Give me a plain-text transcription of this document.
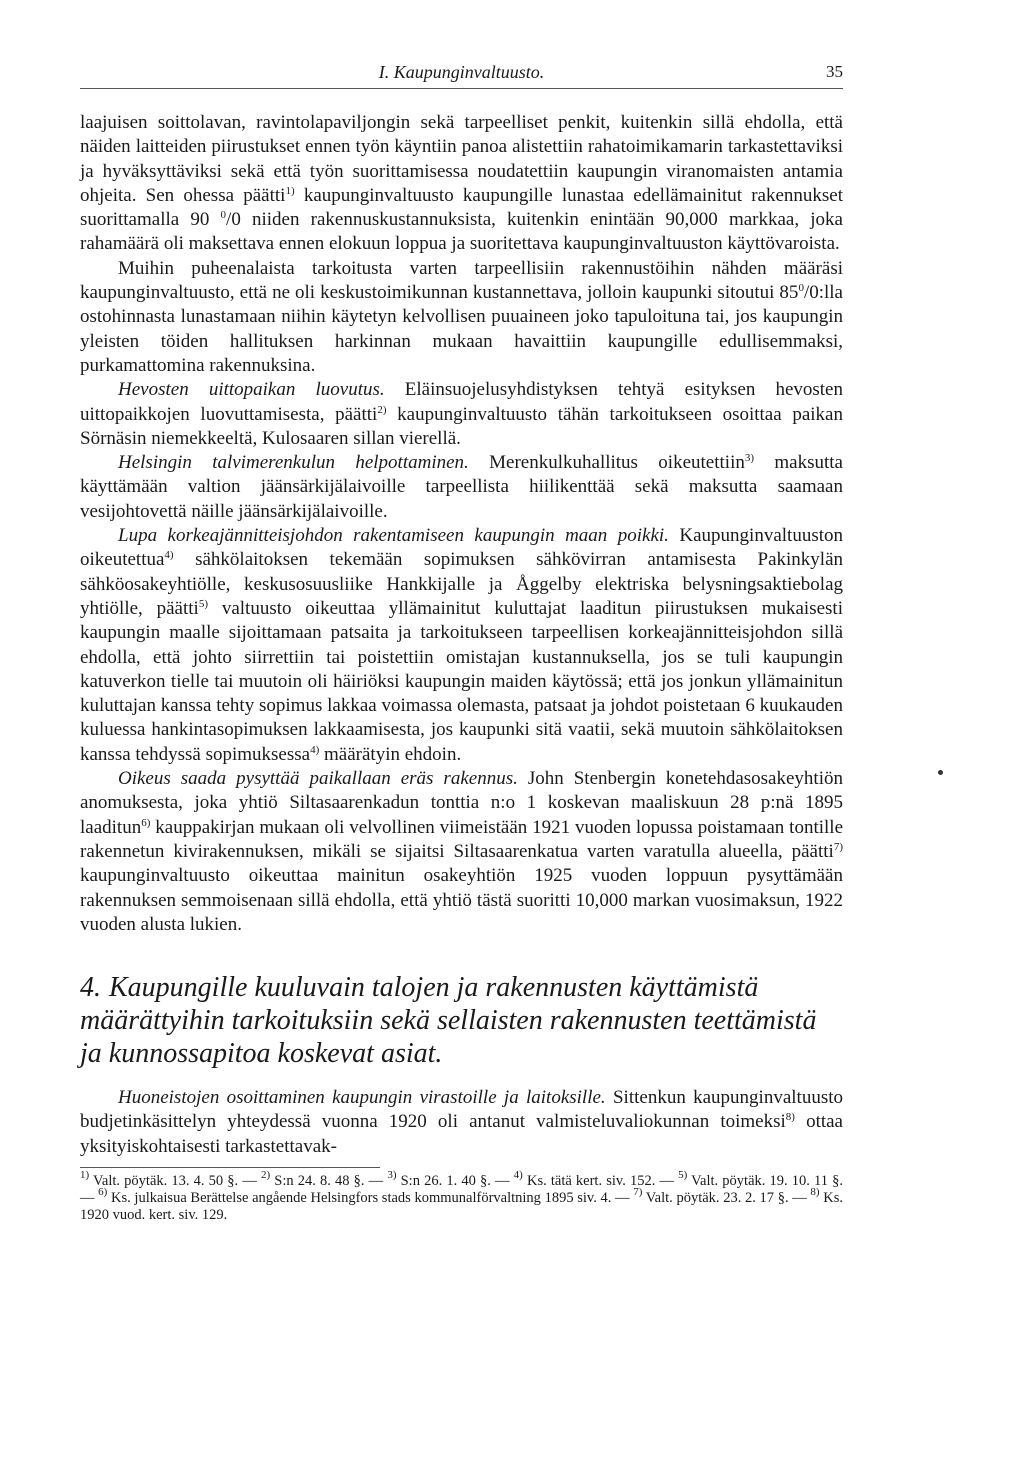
I. Kaupunginvaltuusto.	35

laajuisen soittolavan, ravintolapaviljongin sekä tarpeelliset penkit, kuitenkin sillä ehdolla, että näiden laitteiden piirustukset ennen työn käyntiin panoa alistettiin rahatoimikamarin tarkastettaviksi ja hyväksyttäviksi sekä että työn suorittamisessa noudatettiin kaupungin viranomaisten antamia ohjeita. Sen ohessa päätti$^{1)}$ kaupunginvaltuusto kaupungille lunastaa edellämainitut rakennukset suorittamalla 90 $^0$/0 niiden rakennuskustannuksista, kuitenkin enintään 90,000 markkaa, joka rahamäärä oli maksettava ennen elokuun loppua ja suoritettava kaupunginvaltuuston käyttövaroista.

Muihin puheenalaista tarkoitusta varten tarpeellisiin rakennustöihin nähden määräsi kaupunginvaltuusto, että ne oli keskustoimikunnan kustannettava, jolloin kaupunki sitoutui $85^0/0:lla$ ostohinnasta lunastamaan niihin käytetyn kelvollisen puuaineen joko tapuloituna tai, jos kaupungin yleisten töiden hallituksen harkinnan mukaan havaittiin kaupungille edullisemmaksi, purkamattomina rakennuksina.

Hevosten uittopaikan luovutus. Eläinsuojelusyhdistyksen tehtyä esityksen hevosten uittopaikkojen luovuttamisesta, päätti$^{2)}$ kaupunginvaltuusto tähän tarkoitukseen osoittaa paikan Sörnäsin niemekkeeltä, Kulosaaren sillan vierellä.

Helsingin talvimerenkulun helpottaminen. Merenkulkuhallitus oikeutettiin$^{3)}$ maksutta käyttämään valtion jäänsärkijälaivoille tarpeellista hiilikenttää sekä maksutta saamaan vesijohtovettä näille jäänsärkijälaivoille.

Lupa korkeajännitteisjohdon rakentamiseen kaupungin maan poikki. Kaupunginvaltuuston oikeutettua$^{4)}$ sähkölaitoksen tekemään sopimuksen sähkövirran antamisesta Pakinkylän sähköosakeyhtiölle, keskusosuusliike Hankkijalle ja Åggelby elektriska belysningsaktiebolag yhtiölle, päätti$^{5)}$ valtuusto oikeuttaa yllämainitut kuluttajat laaditun piirustuksen mukaisesti kaupungin maalle sijoittamaan patsaita ja tarkoitukseen tarpeellisen korkeajännitteisjohdon sillä ehdolla, että johto siirrettiin tai poistettiin omistajan kustannuksella, jos se tuli kaupungin katuverkon tielle tai muutoin oli häiriöksi kaupungin maiden käytössä; että jos jonkun yllämainitun kuluttajan kanssa tehty sopimus lakkaa voimassa olemasta, patsaat ja johdot poistetaan 6 kuukauden kuluessa hankintasopimuksen lakkaamisesta, jos kaupunki sitä vaatii, sekä muutoin sähkölaitoksen kanssa tehdyssä sopimuksessa$^{4)}$ määrätyin ehdoin.

Oikeus saada pysyttää paikallaan eräs rakennus. John Stenbergin konetehdasosakeyhtiön anomuksesta, joka yhtiö Siltasaarenkadun tonttia n:o 1 koskevan maaliskuun 28 p:nä 1895 laaditun$^{6)}$ kauppakirjan mukaan oli velvollinen viimeistään 1921 vuoden lopussa poistamaan tontille rakennetun kivirakennuksen, mikäli se sijaitsi Siltasaarenkatua varten varatulla alueella, päätti$^{7)}$ kaupunginvaltuusto oikeuttaa mainitun osakeyhtiön 1925 vuoden loppuun pysyttämään rakennuksen semmoisenaan sillä ehdolla, että yhtiö tästä suoritti 10,000 markan vuosimaksun, 1922 vuoden alusta lukien.

4. Kaupungille kuuluvain talojen ja rakennusten käyttämistä määrättyihin tarkoituksiin sekä sellaisten rakennusten teettämistä ja kunnossapitoa koskevat asiat.

Huoneistojen osoittaminen kaupungin virastoille ja laitoksille. Sittenkun kaupunginvaltuusto budjetinkäsittelyn yhteydessä vuonna 1920 oli antanut valmisteluvaliokunnan toimeksi$^{8)}$ ottaa yksityiskohtaisesti tarkastettavak-

$^{1)}$ Valt. pöytäk. 13. 4. 50 §. — $^{2)}$ S:n 24. 8. 48 §. — $^{3)}$ S:n 26. 1. 40 §. — $^{4)}$ Ks. tätä kert. siv. 152. — $^{5)}$ Valt. pöytäk. 19. 10. 11 §. — $^{6)}$ Ks. julkaisua Berättelse angående Helsingfors stads kommunalförvaltning 1895 siv. 4. — $^{7)}$ Valt. pöytäk. 23. 2. 17 §. — $^{8)}$ Ks. 1920 vuod. kert. siv. 129.
